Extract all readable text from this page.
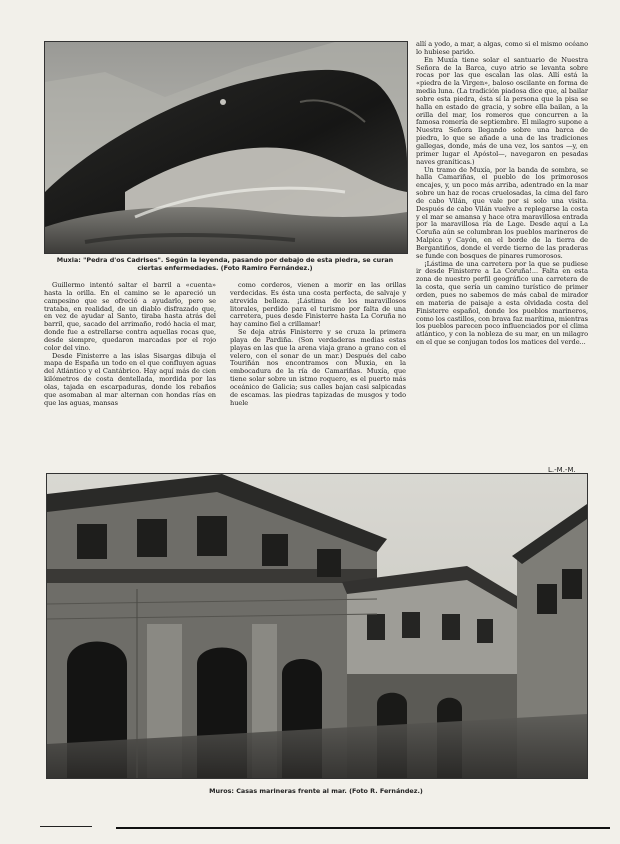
Muxia: "Pedra d'os Cadrises". Según la leyenda, pasando por debajo de esta piedra, se curan ciertas enfermedades. (Foto Ramiro Fernández.)

Guillermo intentó saltar el barril a «cuenta» hasta la orilla. En el camino se le apareció un campesino que se ofreció a ayudarlo, pero se trataba, en realidad, de un diablo disfrazado que, en vez de ayudar al Santo, tiraba hasta atrás del barril, que, sacado del arrimaño, rodó hacia el mar, donde fue a estrellarse contra aquellas rocas que, desde siempre, quedaron marcadas por el rojo color del vino.

Desde Finisterre a las islas Sisargas dibuja el mapa de España un todo en el que confluyen aguas del Atlántico y el Cantábrico. Hay aquí más de cien kilómetros de costa dentellada, mordida por las olas, tajada en escarpaduras, donde los rebaños que asomaban al mar alternan con hondas rías en que las aguas, mansas

como corderos, vienen a morir en las orillas verdecidas. Es ésta una costa perfecta, de salvaje y atrevida belleza. ¡Lástima de los maravillosos litorales, perdido para el turismo por falta de una carretera, pues desde Finisterre hasta La Coruña no hay camino fiel a crillamar!

Se deja atrás Finisterre y se cruza la primera playa de Pardiña. (Son verdaderas medias estas playas en las que la arena viaja grano a grano con el velero, con el sonar de un mar.) Después del cabo Touriñán nos encontramos con Muxia, en la embocadura de la ría de Camariñas. Muxía, que tiene solar sobre un istmo roquero, es el puerto más oceánico de Galicia; sus calles bajan casi salpicadas de escamas. las piedras tapizadas de musgos y todo huele

allí a yodo, a mar, a algas, como si el mismo océano lo hubiese parido.

En Muxía tiene solar el santuario de Nuestra Señora de la Barca, cuyo atrio se levanta sobre rocas por las que escalan las olas. Allí está la «piedra de la Virgen», baloso oscilante en forma de media luna. (La tradición piadosa dice que, al bailar sobre esta piedra, ésta sí la persona que la pisa se halla en estado de gracia, y sobre ella bailan, a la orilla del mar, los romeros que concurren a la famosa romería de septiembre. El milagro supone a Nuestra Señora llegando sobre una barca de piedra, lo que se añade a una de las tradiciones gallegas, donde, más de una vez, los santos —y, en primer lugar el Apóstol—, navegaron en pesadas naves graníticas.)

Un tramo de Muxía, por la banda de sombra, se halla Camariñas, el pueblo de los primorosos encajes, y, un poco más arriba, adentrado en la mar sobre un haz de rocas cruelosadas, la cima del faro de cabo Vilán, que vale por si solo una visita. Después de cabo Vilán vuelve a replegarse la costa y el mar se amansa y hace otra maravillosa entrada por la maravillosa ría de Lage. Desde aquí a La Coruña aún se columbran los pueblos marineros de Malpica y Cayón, en el borde de la tierra de Bergantiños, donde el verde tierno de las praderas se funde con bosques de pinares rumorosos.

¡Lástima de una carretera por la que se pudiese ir desde Finisterre a La Coruña!... Falta en esta zona de nuestro perfil geográfico una carretera de la costa, que sería un camino turístico de primer orden, pues no sabemos de más cabal de mirador en materia de paisaje a esta olvidada costa del Finisterre español, donde los pueblos marineros, como los castillos, con brava faz marítima, mientras los pueblos parecen poco influenciados por el clima atlántico, y con la nobleza de su mar, en un milagro en el que se conjugan todos los matices del verde...

L.-M.-M.
Muros: Casas marineras frente al mar. (Foto R. Fernández.)
